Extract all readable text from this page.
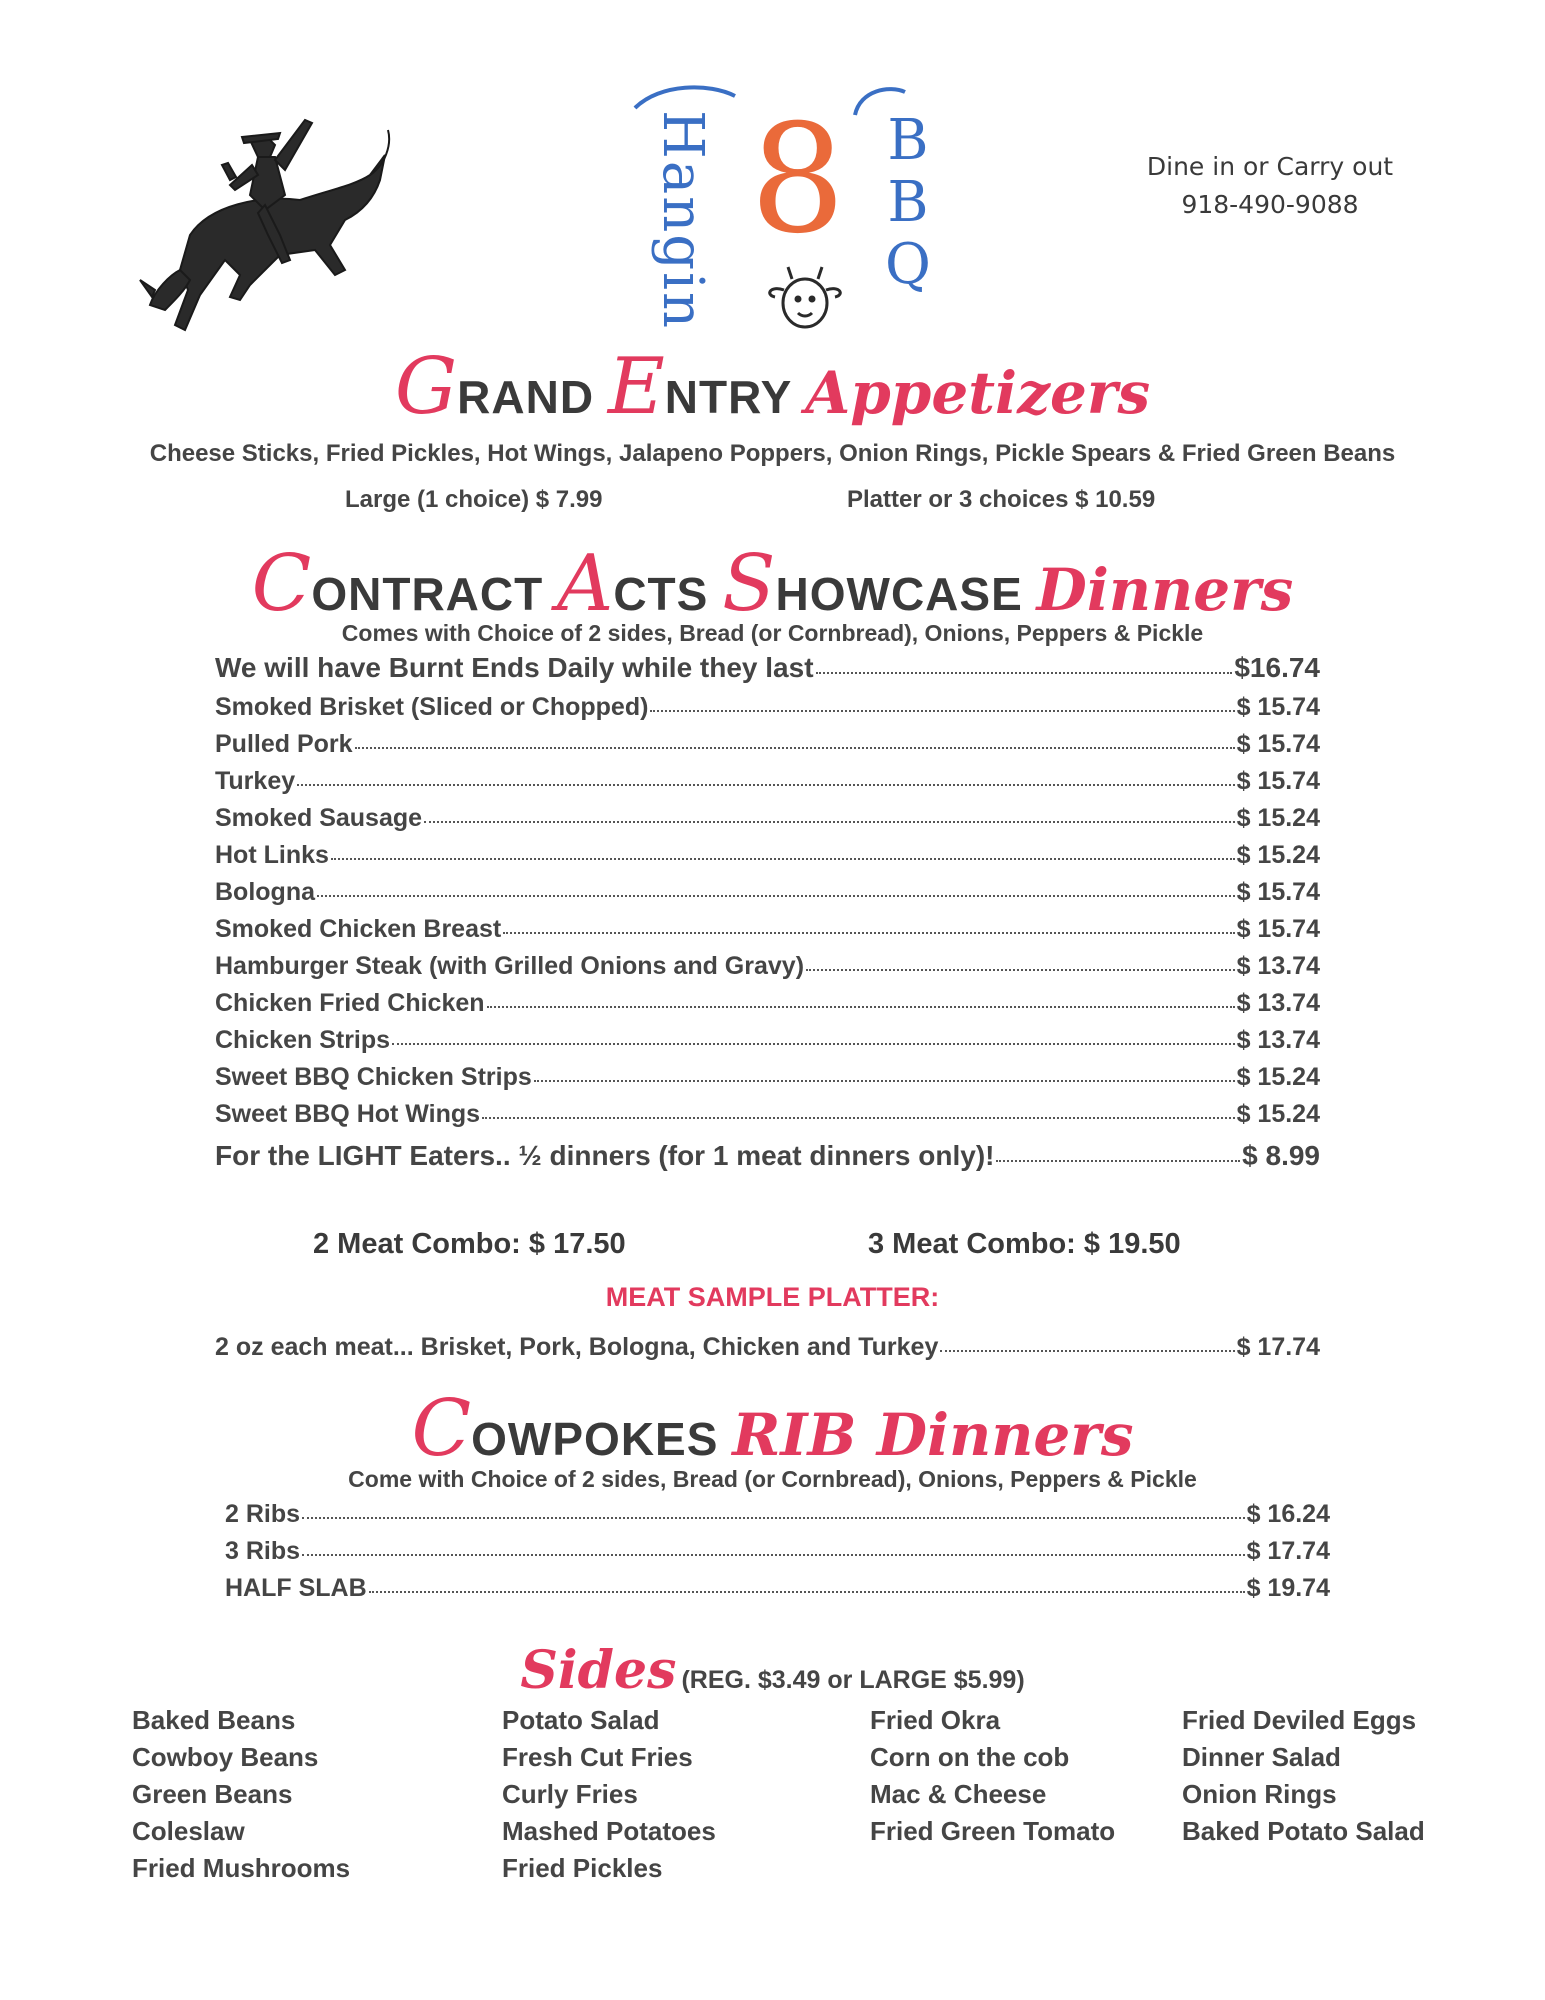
Hangin 8 B
B
Q
Dine in or Carry out
918-490-9088
GRAND ENTRY Appetizers
Cheese Sticks, Fried Pickles, Hot Wings, Jalapeno Poppers, Onion Rings, Pickle Spears & Fried Green Beans
Large (1 choice) $ 7.99	Platter or 3 choices $ 10.59
CONTRACT ACTS SHOWCASE Dinners
Comes with Choice of 2 sides, Bread (or Cornbread), Onions, Peppers & Pickle
We will have Burnt Ends Daily while they last	$16.74
Smoked Brisket (Sliced or Chopped)	$ 15.74
Pulled Pork	$ 15.74
Turkey	$ 15.74
Smoked Sausage	$ 15.24
Hot Links	$ 15.24
Bologna	$ 15.74
Smoked Chicken Breast	$ 15.74
Hamburger Steak (with Grilled Onions and Gravy)	$ 13.74
Chicken Fried Chicken	$ 13.74
Chicken Strips	$ 13.74
Sweet BBQ Chicken Strips	$ 15.24
Sweet BBQ Hot Wings	$ 15.24
For the LIGHT Eaters.. ½ dinners (for 1 meat dinners only)!	$ 8.99
2 Meat Combo: $ 17.50	3 Meat Combo: $ 19.50
MEAT SAMPLE PLATTER:
2 oz each meat... Brisket, Pork, Bologna, Chicken and Turkey	$ 17.74
COWPOKES RIB Dinners
Come with Choice of 2 sides, Bread (or Cornbread), Onions, Peppers & Pickle
2 Ribs	$ 16.24
3 Ribs	$ 17.74
HALF SLAB	$ 19.74
Sides (REG. $3.49 or LARGE $5.99)
Baked Beans
Cowboy Beans
Green Beans
Coleslaw
Fried Mushrooms
Potato Salad
Fresh Cut Fries
Curly Fries
Mashed Potatoes
Fried Pickles
Fried Okra
Corn on the cob
Mac & Cheese
Fried Green Tomato
Fried Deviled Eggs
Dinner Salad
Onion Rings
Baked Potato Salad
